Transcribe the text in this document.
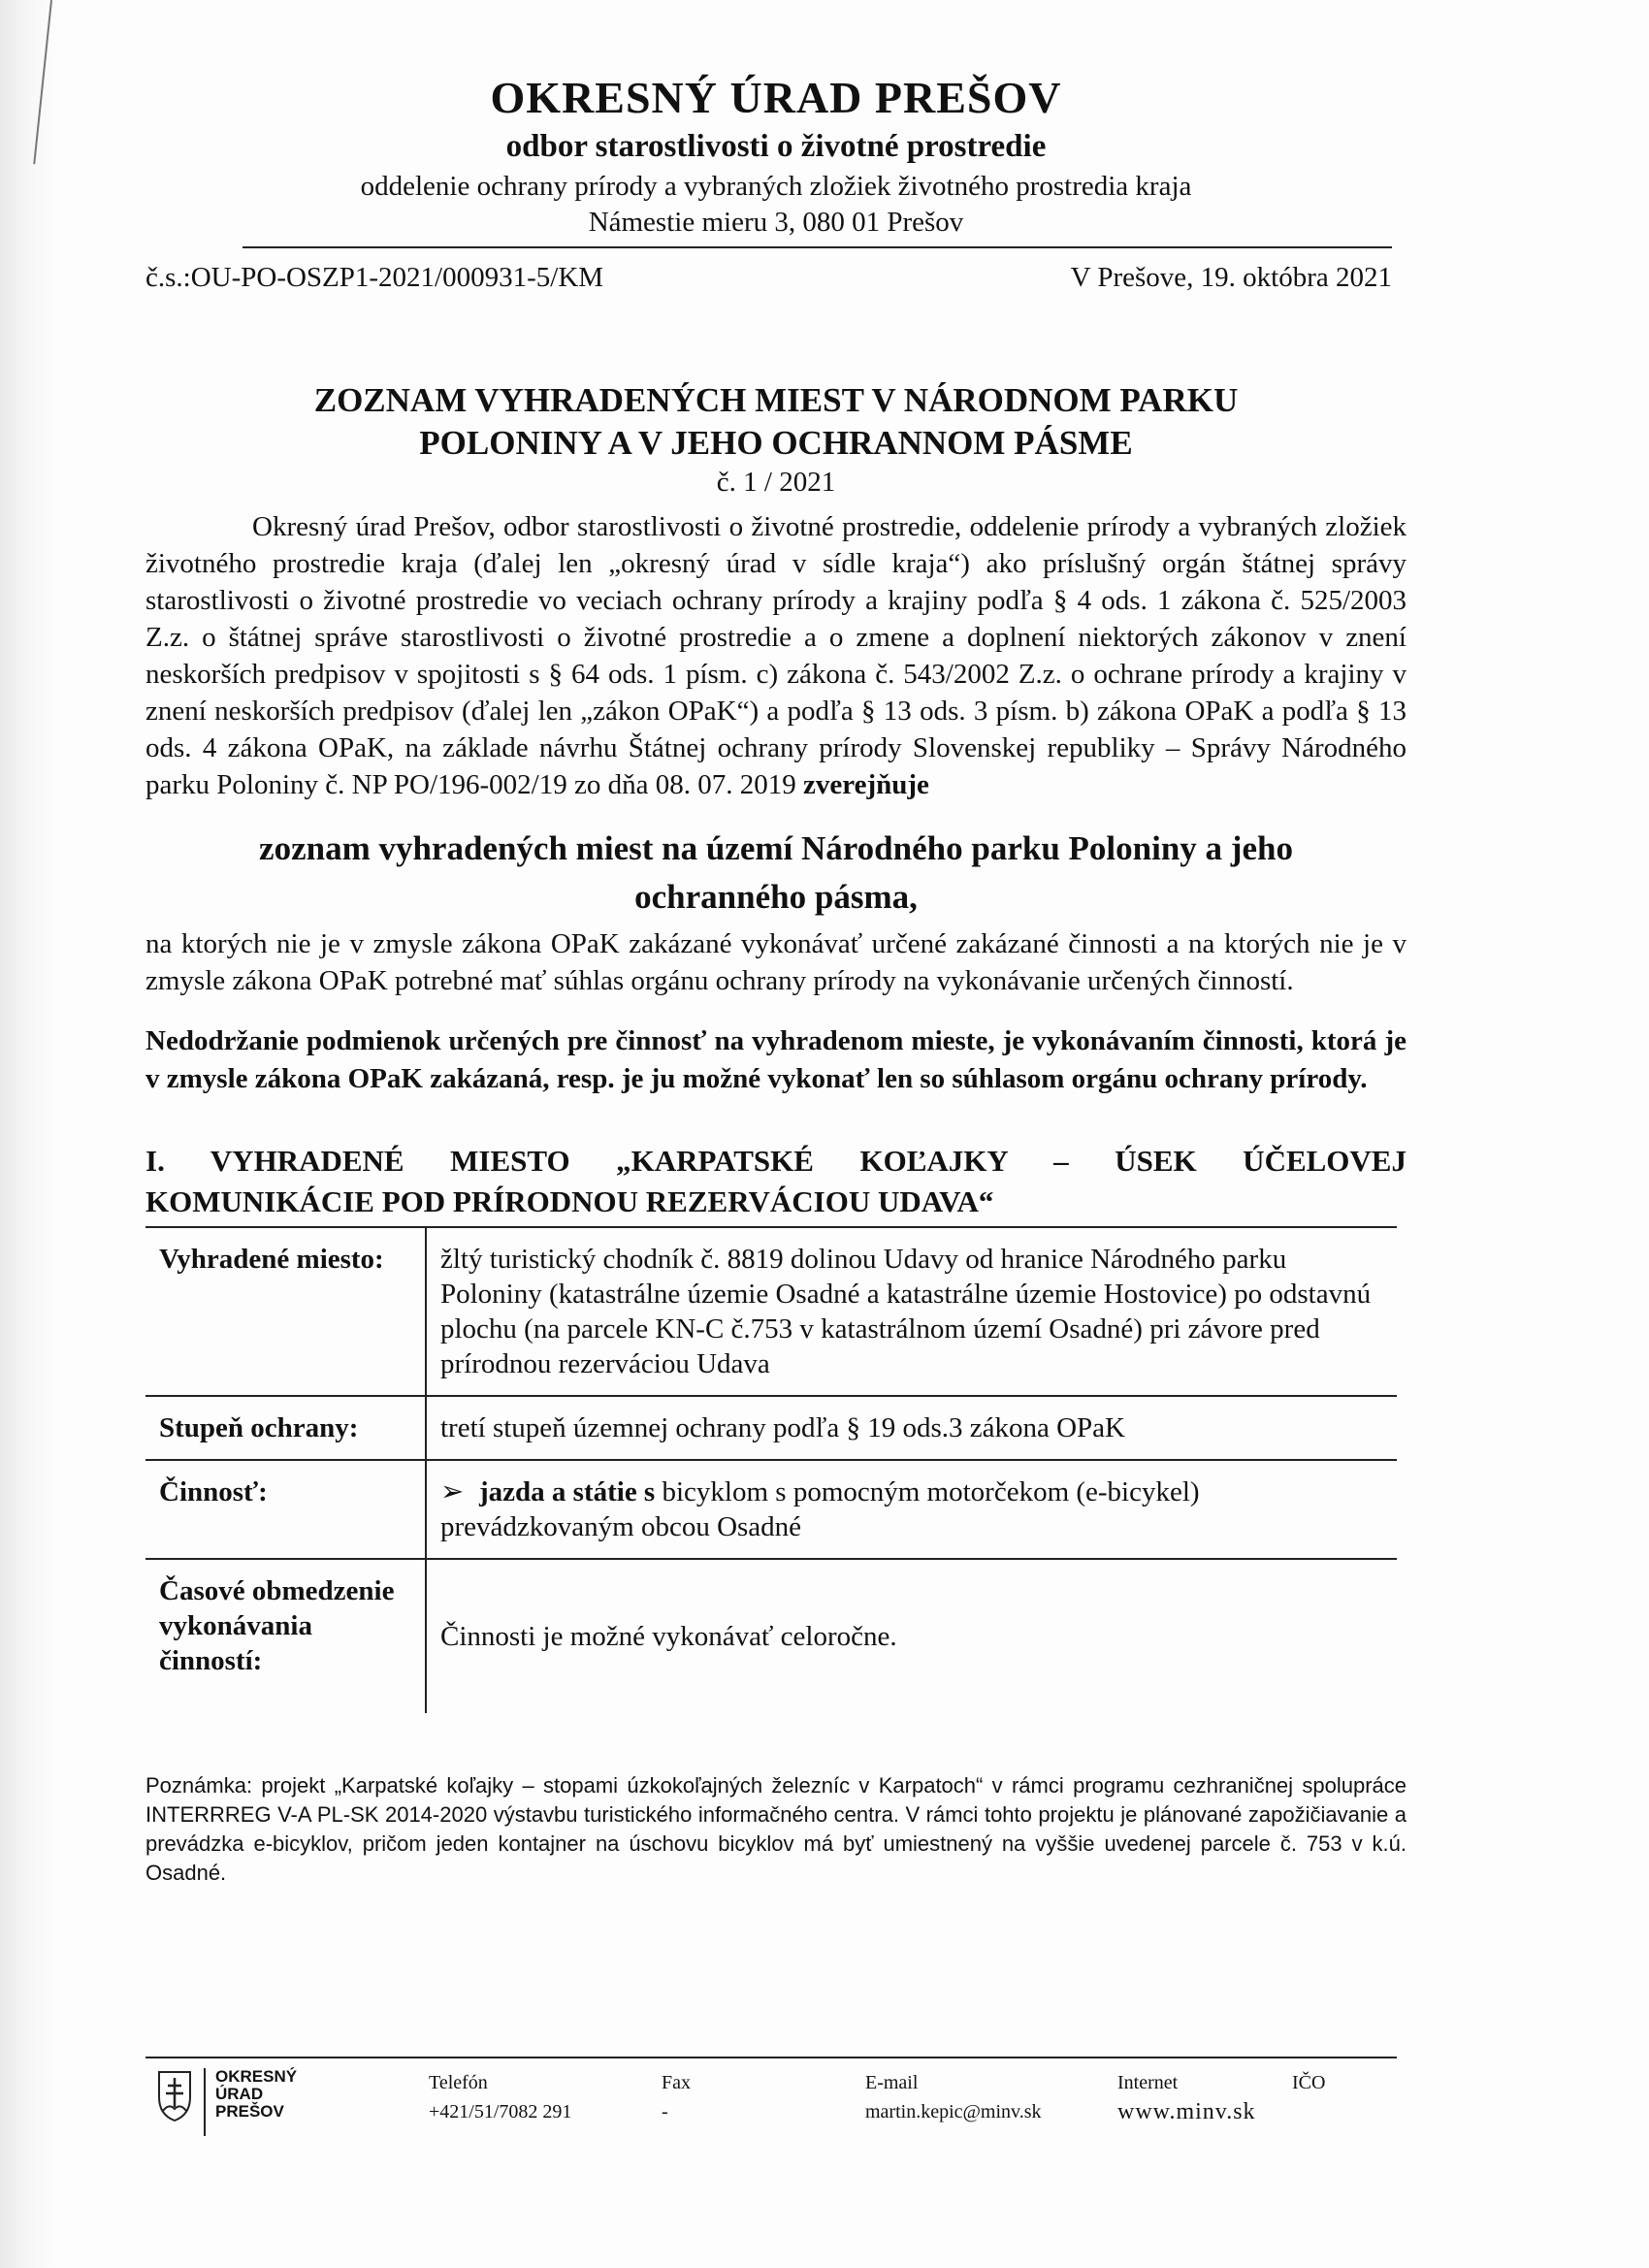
OKRESNÝ ÚRAD PREŠOV
odbor starostlivosti o životné prostredie
oddelenie ochrany prírody a vybraných zložiek životného prostredia kraja
Námestie mieru 3, 080 01 Prešov
č.s.:OU-PO-OSZP1-2021/000931-5/KM	V Prešove, 19. októbra 2021
ZOZNAM VYHRADENÝCH MIEST V NÁRODNOM PARKU
POLONINY A V JEHO OCHRANNOM PÁSME
č. 1 / 2021
Okresný úrad Prešov, odbor starostlivosti o životné prostredie, oddelenie prírody a vybraných zložiek životného prostredie kraja (ďalej len „okresný úrad v sídle kraja“) ako príslušný orgán štátnej správy starostlivosti o životné prostredie vo veciach ochrany prírody a krajiny podľa § 4 ods. 1 zákona č. 525/2003 Z.z. o štátnej správe starostlivosti o životné prostredie a o zmene a doplnení niektorých zákonov v znení neskorších predpisov v spojitosti s § 64 ods. 1 písm. c) zákona č. 543/2002 Z.z. o ochrane prírody a krajiny v znení neskorších predpisov (ďalej len „zákon OPaK“) a podľa § 13 ods. 3 písm. b) zákona OPaK a podľa § 13 ods. 4 zákona OPaK, na základe návrhu Štátnej ochrany prírody Slovenskej republiky – Správy Národného parku Poloniny č. NP PO/196-002/19 zo dňa 08. 07. 2019 zverejňuje
zoznam vyhradených miest na území Národného parku Poloniny a jeho
ochranného pásma,
na ktorých nie je v zmysle zákona OPaK zakázané vykonávať určené zakázané činnosti a na ktorých nie je v zmysle zákona OPaK potrebné mať súhlas orgánu ochrany prírody na vykonávanie určených činností.
Nedodržanie podmienok určených pre činnosť na vyhradenom mieste, je vykonávaním činnosti, ktorá je v zmysle zákona OPaK zakázaná, resp. je ju možné vykonať len so súhlasom orgánu ochrany prírody.
I. VYHRADENÉ MIESTO „KARPATSKÉ KOĽAJKY – ÚSEK ÚČELOVEJ
KOMUNIKÁCIE POD PRÍRODNOU REZERVÁCIOU UDAVA“
Vyhradené miesto:	žltý turistický chodník č. 8819 dolinou Udavy od hranice Národného parku Poloniny (katastrálne územie Osadné a katastrálne územie Hostovice) po odstavnú plochu (na parcele KN-C č.753 v katastrálnom území Osadné) pri závore pred prírodnou rezerváciou Udava
Stupeň ochrany:	tretí stupeň územnej ochrany podľa § 19 ods.3 zákona OPaK
Činnosť:	➢ jazda a státie s bicyklom s pomocným motorčekom (e-bicykel) prevádzkovaným obcou Osadné
Časové obmedzenie vykonávania činností:	Činnosti je možné vykonávať celoročne.
Poznámka: projekt „Karpatské koľajky – stopami úzkokoľajných železníc v Karpatoch“ v rámci programu cezhraničnej spolupráce INTERRREG V-A PL-SK 2014-2020 výstavbu turistického informačného centra. V rámci tohto projektu je plánované zapožičiavanie a prevádzka e-bicyklov, pričom jeden kontajner na úschovu bicyklov má byť umiestnený na vyššie uvedenej parcele č. 753 v k.ú. Osadné.
OKRESNÝ
ÚRAD
PREŠOV
Telefón
+421/51/7082 291
Fax
-
E-mail
martin.kepic@minv.sk
Internet
www.minv.sk
IČO
